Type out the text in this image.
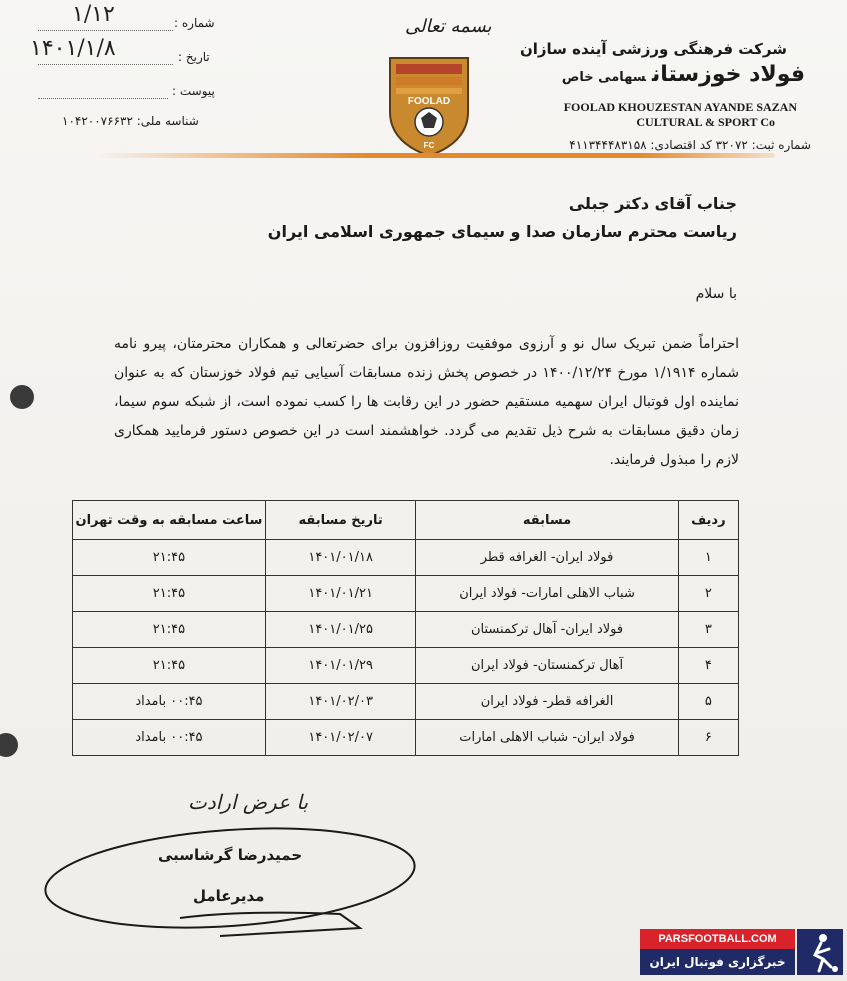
شرکت فرهنگی ورزشی آینده سازان
فولاد خوزستانسهامی خاص
FOOLAD KHOUZESTAN AYANDE SAZAN
CULTURAL & SPORT Co
شماره ثبت: ۳۲۰۷۲ کد اقتصادی: ۴۱۱۳۴۴۴۸۳۱۵۸
بسمه تعالی
FOOLAD
FC
شماره :
۱/۱۲
تاریخ :
۱۴۰۱/۱/۸
پیوست :
شناسه ملی: ۱۰۴۲۰۰۷۶۶۳۲
جناب آقای دکتر جبلی
ریاست محترم سازمان صدا و سیمای جمهوری اسلامی ایران
با سلام
احتراماً ضمن تبریک سال نو و آرزوی موفقیت روزافزون برای حضرتعالی و همکاران محترمتان، پیرو نامه شماره ۱/۱۹۱۴ مورخ ۱۴۰۰/۱۲/۲۴ در خصوص پخش زنده مسابقات آسیایی تیم فولاد خوزستان که به عنوان نماینده اول فوتبال ایران سهمیه مستقیم حضور در این رقابت ها را کسب نموده است، از شبکه سوم سیما، زمان دقیق مسابقات به شرح ذیل تقدیم می گردد. خواهشمند است در این خصوص دستور فرمایید همکاری لازم را مبذول فرمایند.
ردیف	مسابقه	تاریخ مسابقه	ساعت مسابقه به وقت تهران
۱	فولاد ایران- الغرافه قطر	۱۴۰۱/۰۱/۱۸	۲۱:۴۵
۲	شباب الاهلی امارات- فولاد ایران	۱۴۰۱/۰۱/۲۱	۲۱:۴۵
۳	فولاد ایران- آهال ترکمنستان	۱۴۰۱/۰۱/۲۵	۲۱:۴۵
۴	آهال ترکمنستان- فولاد ایران	۱۴۰۱/۰۱/۲۹	۲۱:۴۵
۵	الغرافه قطر- فولاد ایران	۱۴۰۱/۰۲/۰۳	۰۰:۴۵ بامداد
۶	فولاد ایران- شباب الاهلی امارات	۱۴۰۱/۰۲/۰۷	۰۰:۴۵ بامداد
با عرض ارادت
حمیدرضا گرشاسبی
مدیرعامل
PARSFOOTBALL.COM
خبرگزاری فوتبال ایران
